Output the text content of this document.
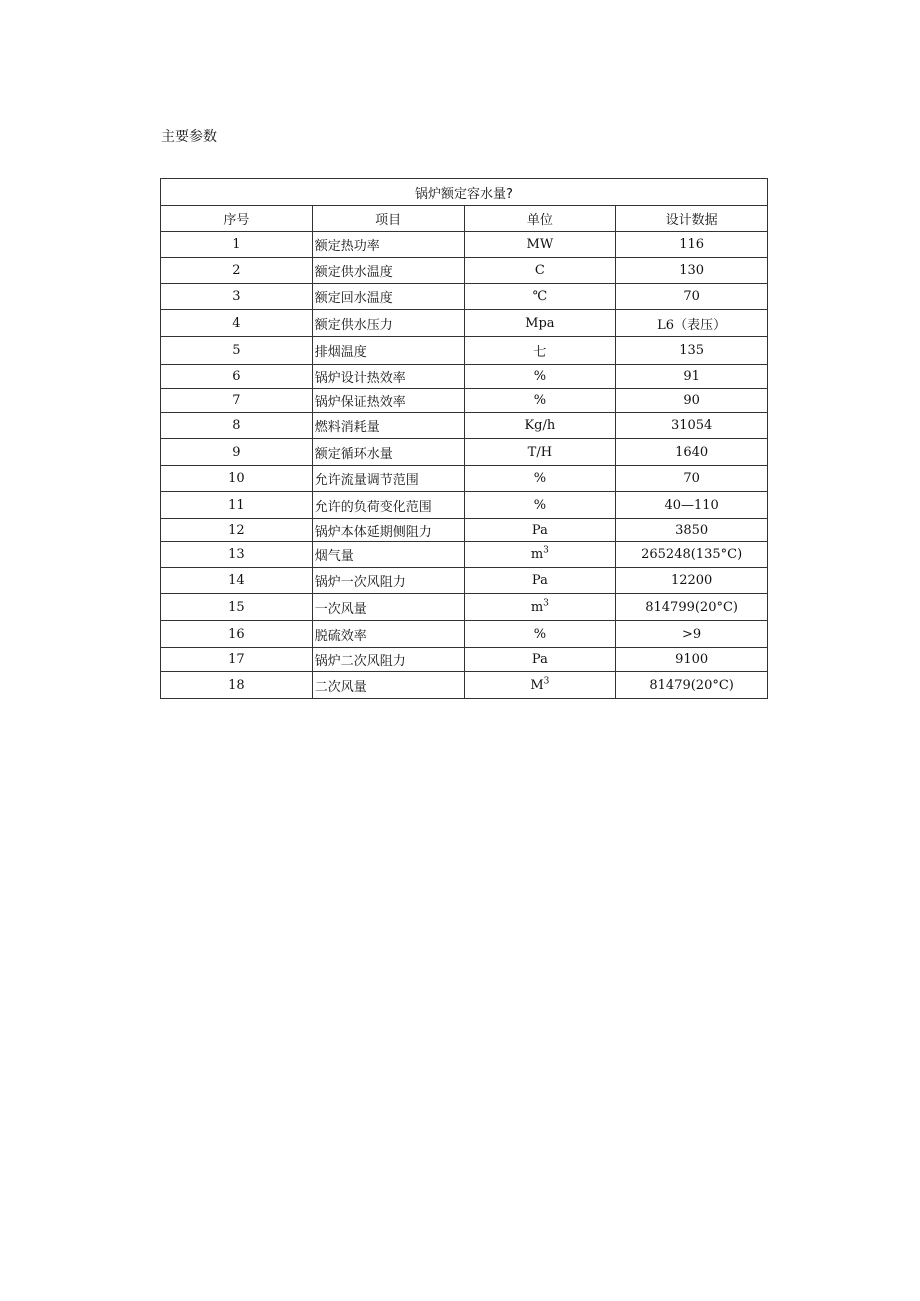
主要参数
锅炉额定容水量?			
序号	项目	单位	设计数据
1	额定热功率	MW	116
2	额定供水温度	C	130
3	额定回水温度	℃	70
4	额定供水压力	Mpa	L6（表压）
5	排烟温度	七	135
6	锅炉设计热效率	%	91
7	锅炉保证热效率	%	90
8	燃料消耗量	Kg/h	31054
9	额定循环水量	T/H	1640
10	允许流量调节范围	%	70
11	允许的负荷变化范围	%	40—110
12	锅炉本体延期侧阻力	Pa	3850
13	烟气量	$m^3$	265248(135°C)
14	锅炉一次风阻力	Pa	12200
15	一次风量	$m^3$	814799(20°C)
16	脱硫效率	%	>9
17	锅炉二次风阻力	Pa	9100
18	二次风量	$M^3$	81479(20°C)
